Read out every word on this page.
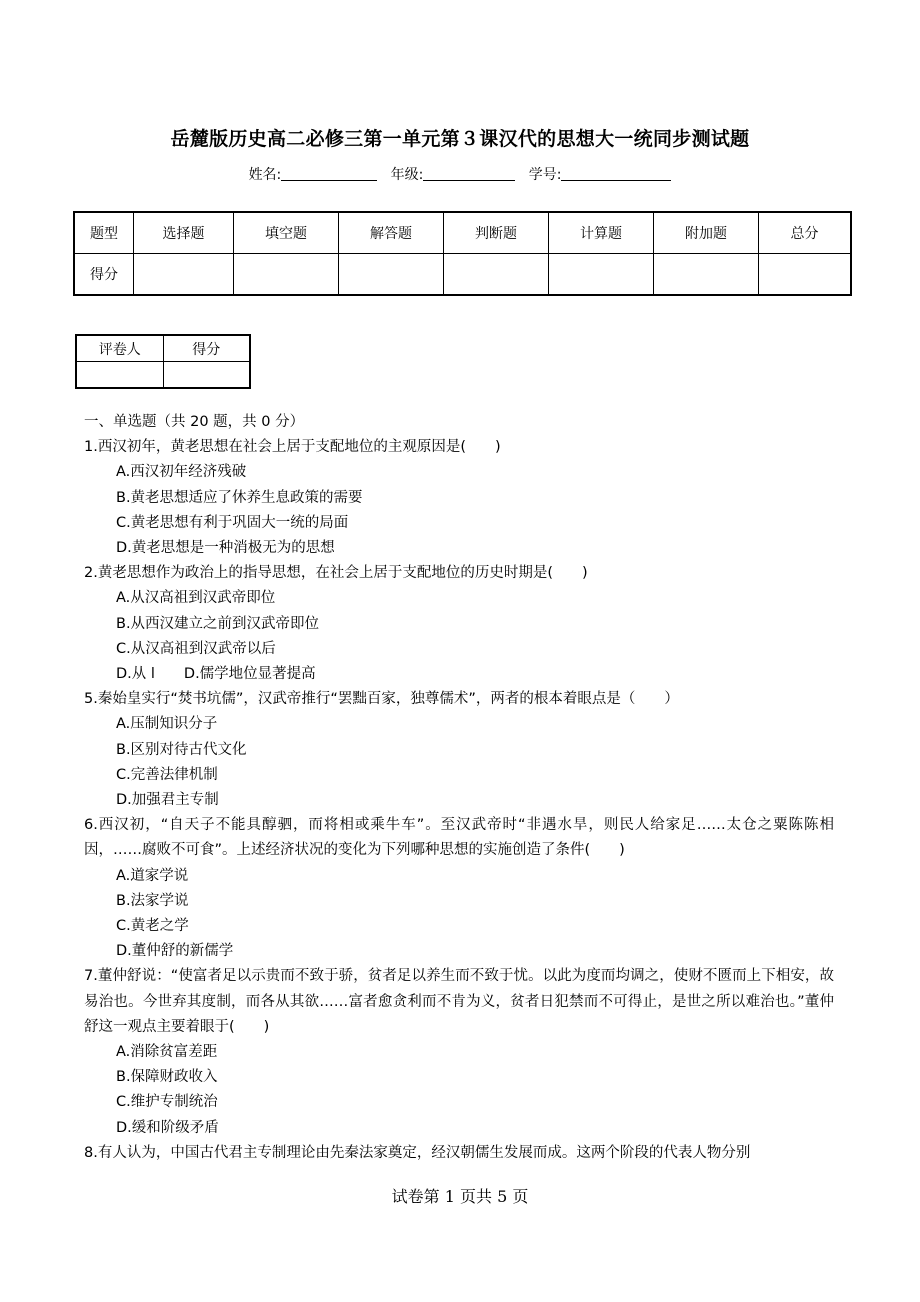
岳麓版历史高二必修三第一单元第３课汉代的思想大一统同步测试题
姓名:	年级:	学号:
题型	选择题	填空题	解答题	判断题	计算题	附加题	总分
得分							
评卷人	得分

一、单选题（共 20 题，共 0 分）
1.西汉初年，黄老思想在社会上居于支配地位的主观原因是(　　)
A.西汉初年经济残破
B.黄老思想适应了休养生息政策的需要
C.黄老思想有利于巩固大一统的局面
D.黄老思想是一种消极无为的思想
2.黄老思想作为政治上的指导思想，在社会上居于支配地位的历史时期是(　　)
A.从汉高祖到汉武帝即位
B.从西汉建立之前到汉武帝即位
C.从汉高祖到汉武帝以后
D.从 l　　D.儒学地位显著提高
5.秦始皇实行“焚书坑儒”，汉武帝推行“罢黜百家，独尊儒术”，两者的根本着眼点是（　　）
A.压制知识分子
B.区别对待古代文化
C.完善法律机制
D.加强君主专制
6.西汉初，“自天子不能具醇驷，而将相或乘牛车”。至汉武帝时“非遇水旱，则民人给家足……太仓之粟陈陈相因，……腐败不可食”。上述经济状况的变化为下列哪种思想的实施创造了条件(　　)
A.道家学说
B.法家学说
C.黄老之学
D.董仲舒的新儒学
7.董仲舒说：“使富者足以示贵而不致于骄，贫者足以养生而不致于忧。以此为度而均调之，使财不匮而上下相安，故易治也。今世弃其度制，而各从其欲……富者愈贪利而不肯为义，贫者日犯禁而不可得止，是世之所以难治也。”董仲舒这一观点主要着眼于(　　)
A.消除贫富差距
B.保障财政收入
C.维护专制统治
D.缓和阶级矛盾
8.有人认为，中国古代君主专制理论由先秦法家奠定，经汉朝儒生发展而成。这两个阶段的代表人物分别
试卷第 1 页共 5 页
